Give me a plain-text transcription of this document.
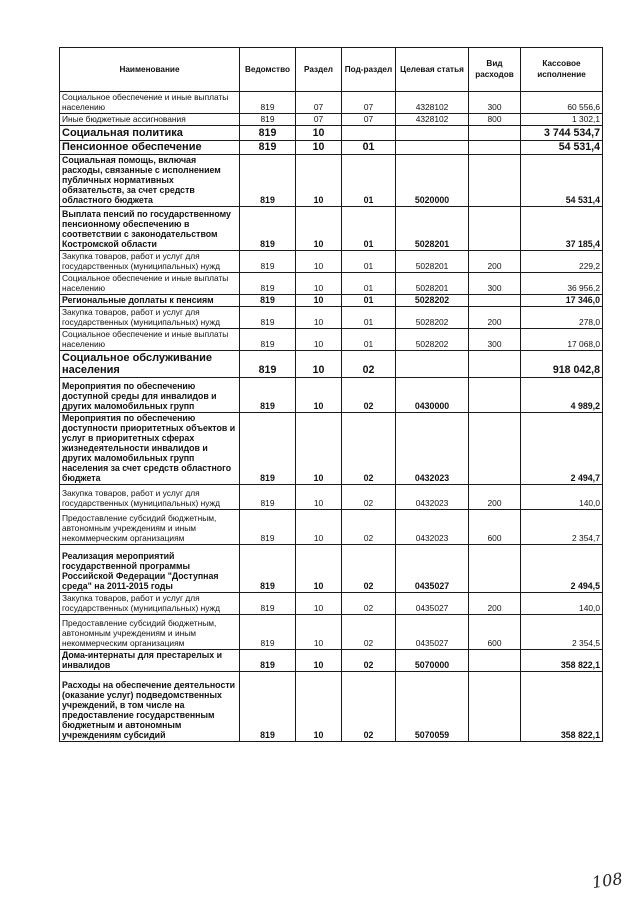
Наименование	Ведомство	Раздел	Под-раздел	Целевая статья	Вид расходов	Кассовое исполнение
Социальное обеспечение и иные выплаты населению	819	07	07	4328102	300	60 556,6
Иные бюджетные ассигнования	819	07	07	4328102	800	1 302,1
Социальная политика	819	10				3 744 534,7
Пенсионное обеспечение	819	10	01			54 531,4
Социальная помощь, включая расходы, связанные с исполнением публичных нормативных обязательств, за счет средств областного бюджета	819	10	01	5020000		54 531,4
Выплата пенсий по государственному пенсионному обеспечению в соответствии с законодательством Костромской области	819	10	01	5028201		37 185,4
Закупка товаров, работ и услуг для государственных (муниципальных) нужд	819	10	01	5028201	200	229,2
Социальное обеспечение и иные выплаты населению	819	10	01	5028201	300	36 956,2
Региональные доплаты к пенсиям	819	10	01	5028202		17 346,0
Закупка товаров, работ и услуг для государственных (муниципальных) нужд	819	10	01	5028202	200	278,0
Социальное обеспечение и иные выплаты населению	819	10	01	5028202	300	17 068,0
Социальное обслуживание населения	819	10	02			918 042,8
Мероприятия по обеспечению доступной среды для инвалидов и других маломобильных групп	819	10	02	0430000		4 989,2
Мероприятия по обеспечению доступности приоритетных объектов и услуг в приоритетных сферах жизнедеятельности инвалидов и других маломобильных групп населения за счет средств областного бюджета	819	10	02	0432023		2 494,7
Закупка товаров, работ и услуг для государственных (муниципальных) нужд	819	10	02	0432023	200	140,0
Предоставление субсидий бюджетным, автономным учреждениям и иным некоммерческим организациям	819	10	02	0432023	600	2 354,7
Реализация мероприятий государственной программы Российской Федерации "Доступная среда" на 2011-2015 годы	819	10	02	0435027		2 494,5
Закупка товаров, работ и услуг для государственных (муниципальных) нужд	819	10	02	0435027	200	140,0
Предоставление субсидий бюджетным, автономным учреждениям и иным некоммерческим организациям	819	10	02	0435027	600	2 354,5
Дома-интернаты для престарелых и инвалидов	819	10	02	5070000		358 822,1
Расходы на обеспечение деятельности (оказание услуг) подведомственных учреждений, в том числе на предоставление государственным бюджетным и автономным учреждениям субсидий	819	10	02	5070059		358 822,1
108
